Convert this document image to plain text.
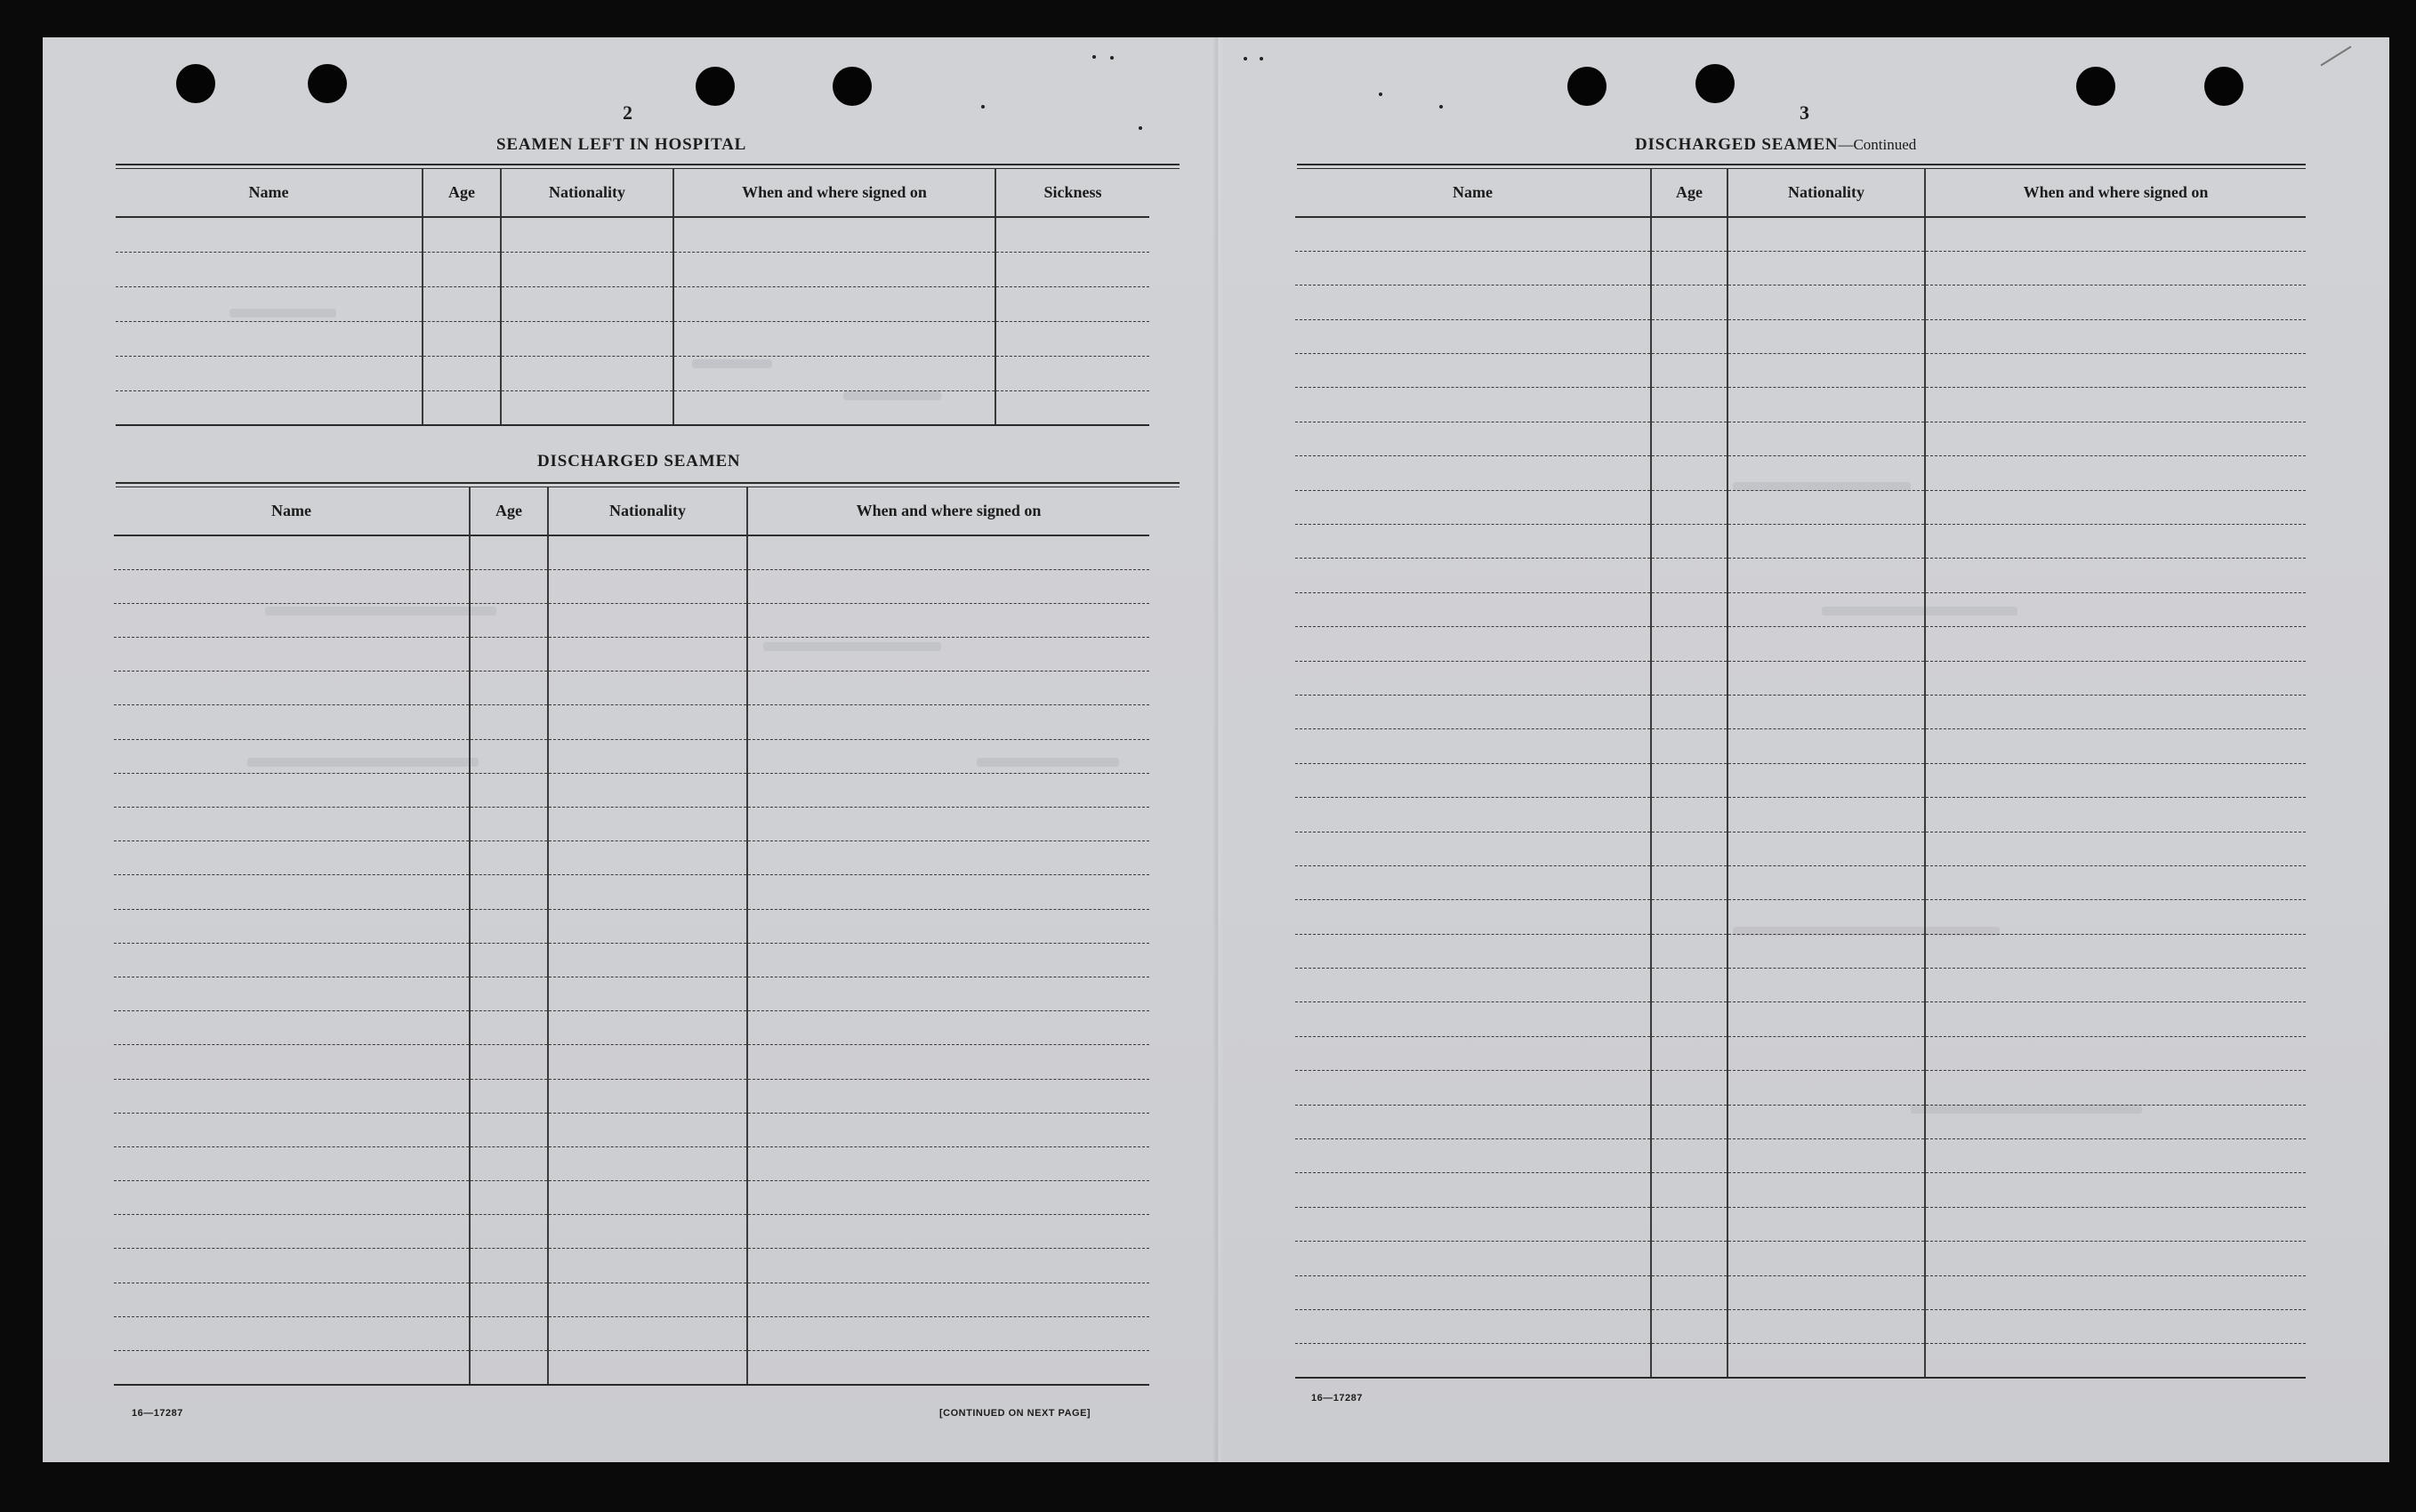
2
SEAMEN LEFT IN HOSPITAL
Name	Age	Nationality	When and where signed on	Sickness

DISCHARGED SEAMEN
Name	Age	Nationality	When and where signed on

16—17287	[CONTINUED ON NEXT PAGE]
3
DISCHARGED SEAMEN—Continued
Name	Age	Nationality	When and where signed on

16—17287
